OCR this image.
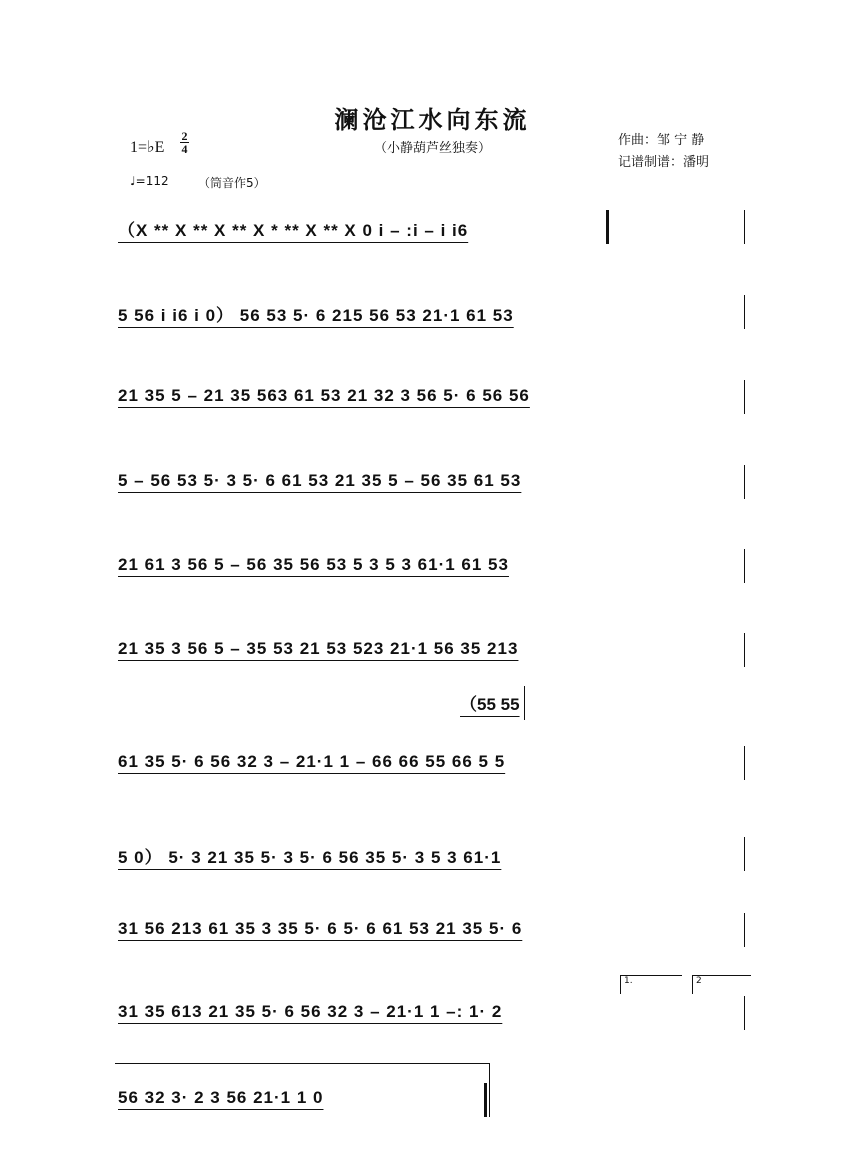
澜沧江水向东流
（小静葫芦丝独奏）
1=♭E
2
4
作曲：邹 宁 静
记谱制谱：潘明
♩=112 （筒音作5）
（X ** X ** X ** X * ** X ** X 0 i – :i – i i6
5 56 i i6 i 0） 56 53 5· 6 215 56 53 21·1 61 53
21 35 5 – 21 35 563 61 53 21 32 3 56 5· 6 56 56
5 – 56 53 5· 3 5· 6 61 53 21 35 5 – 56 35 61 53
21 61 3 56 5 – 56 35 56 53 5 3 5 3 61·1 61 53
21 35 3 56 5 – 35 53 21 53 523 21·1 56 35 213
（55 55
61 35 5· 6 56 32 3 – 21·1 1 – 66 66 55 66 5 5
5 0） 5· 3 21 35 5· 3 5· 6 56 35 5· 3 5 3 61·1
31 56 213 61 35 3 35 5· 6 5· 6 61 53 21 35 5· 6
31 35 613 21 35 5· 6 56 32 3 – 21·1 1 –: 1· 2
56 32 3· 2 3 56 21·1 1 0
1.	2
